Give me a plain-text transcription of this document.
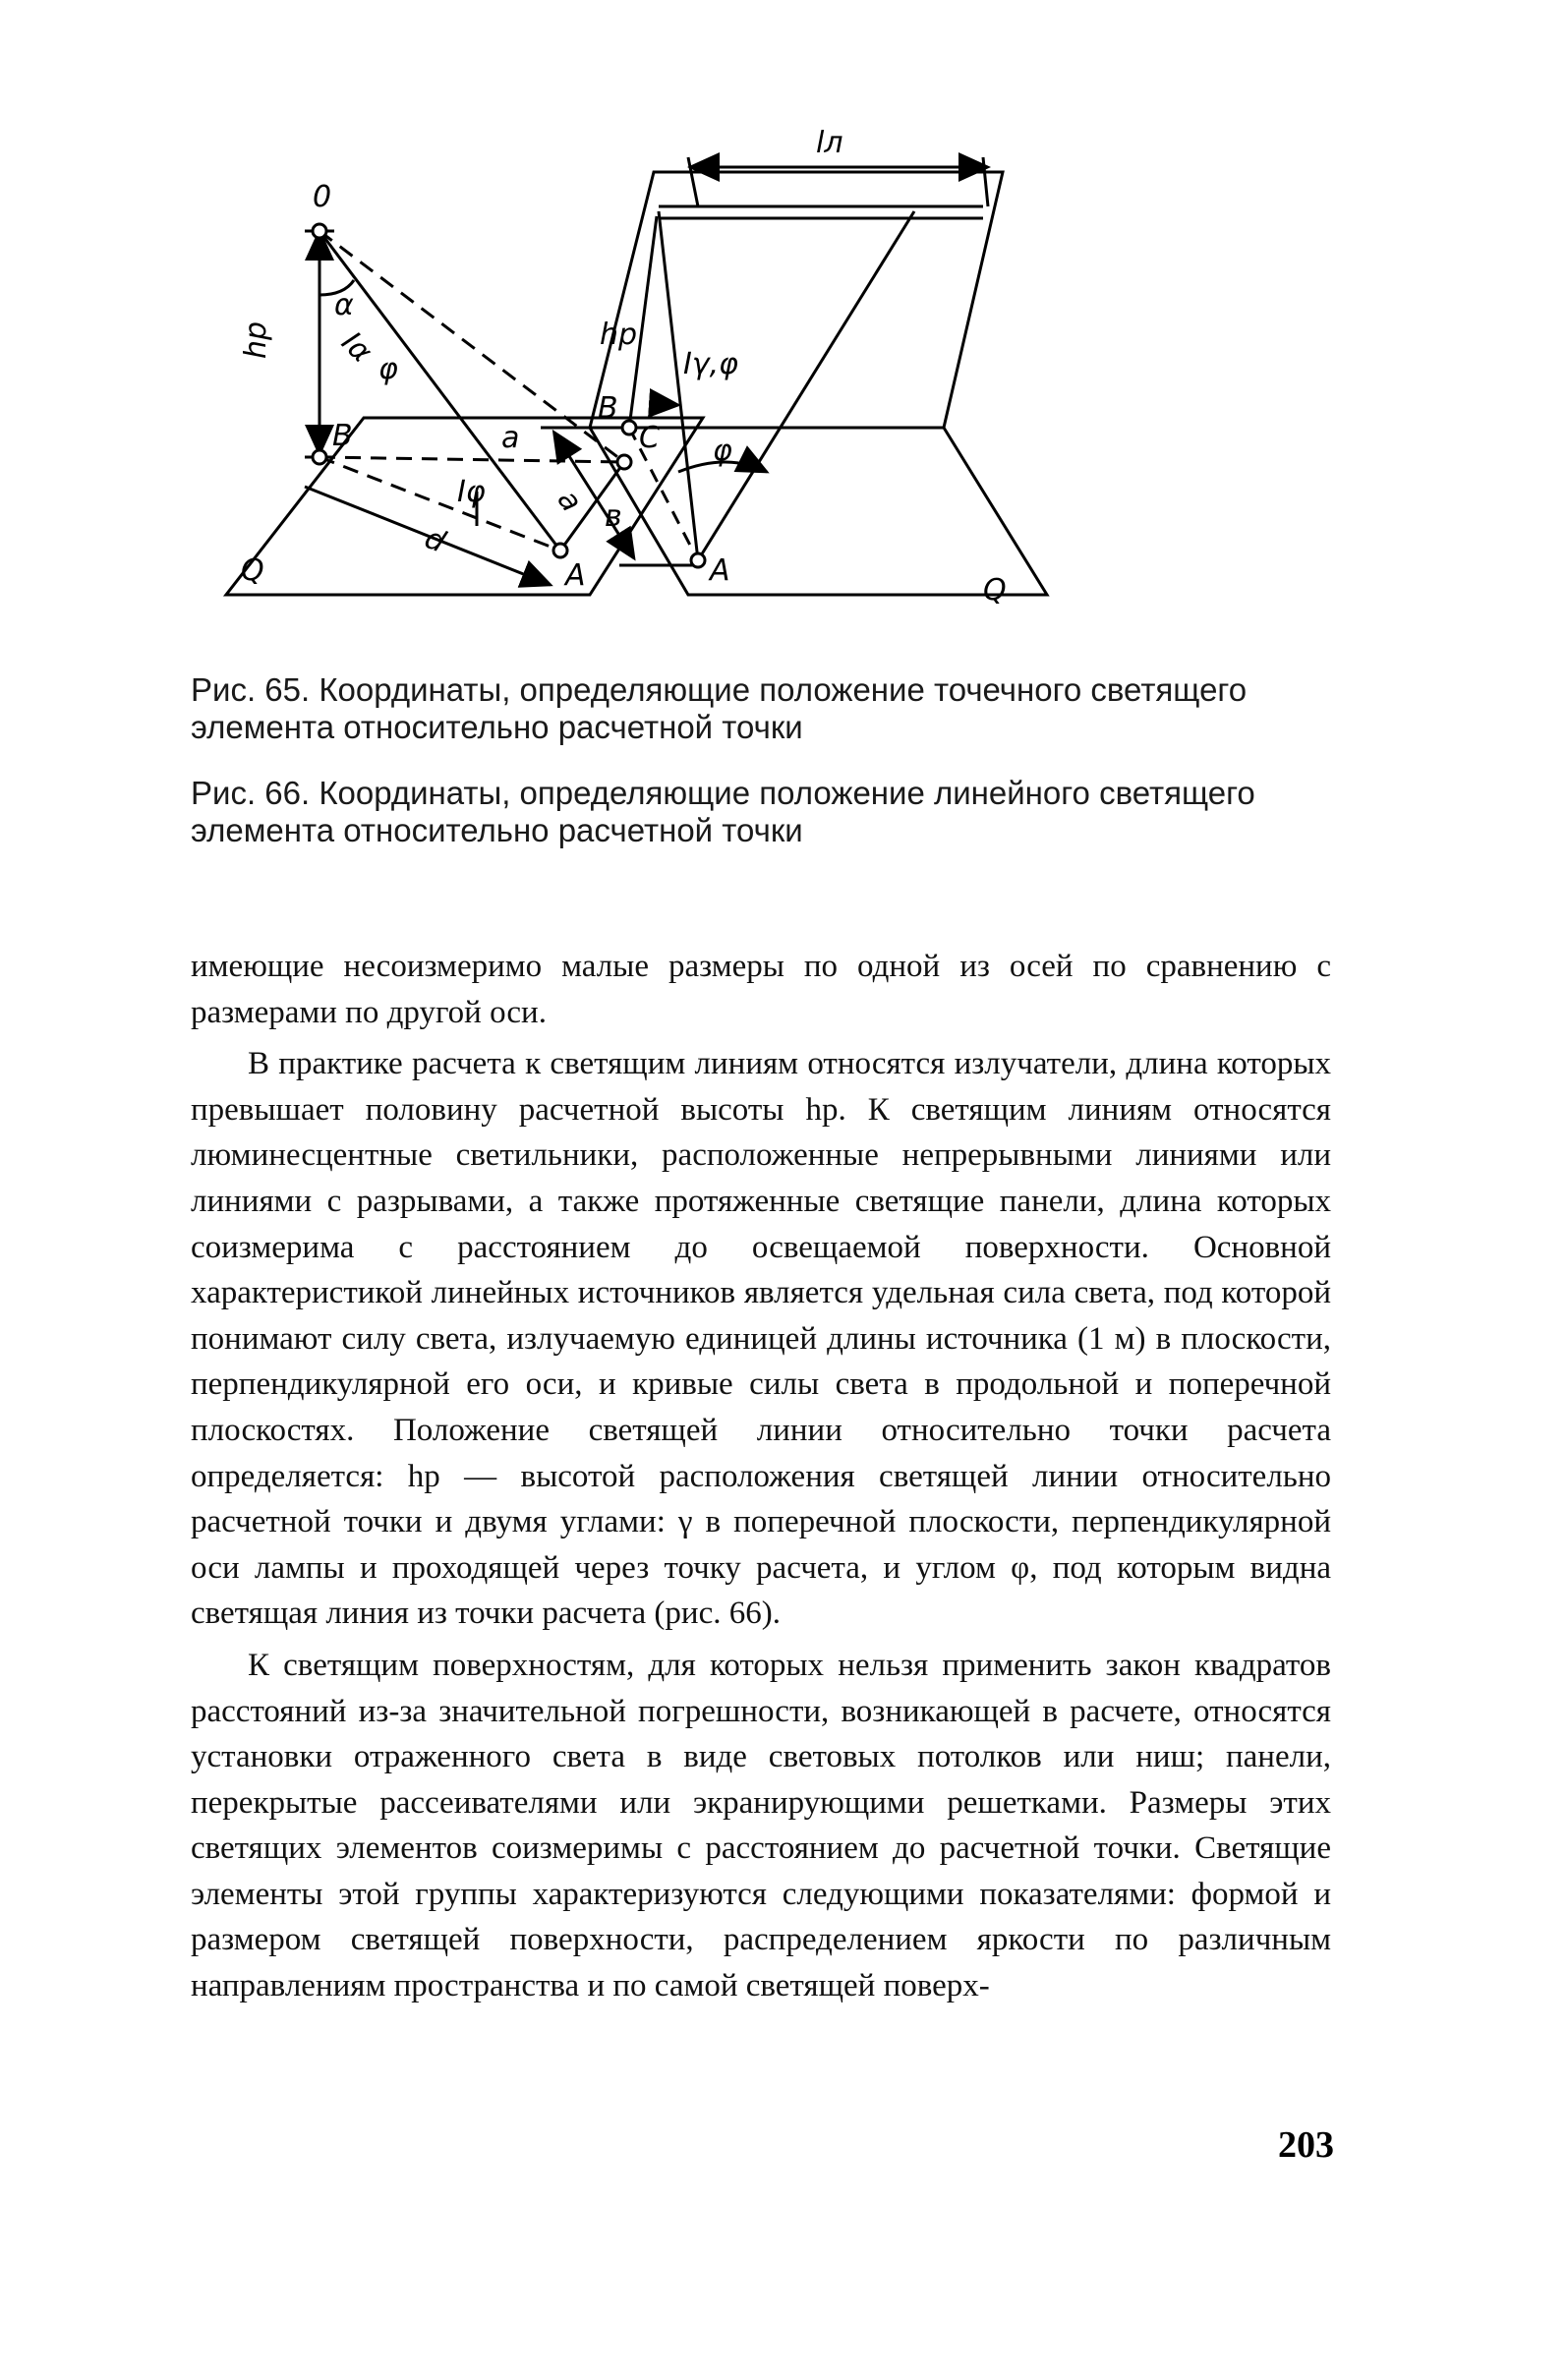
0
hр
α
Iα φ
B	a	C
Iφ
d
в
Q	A
lл
hр
Iγ,φ
B
φ
a
A
Q

Рис. 65. Координаты, определяющие положение точечного светящего элемента относительно расчетной точки

Рис. 66. Координаты, определяющие положение линейного светящего элемента относительно расчетной точки

имеющие несоизмеримо малые размеры по одной из осей по сравнению с размерами по другой оси.

В практике расчета к светящим линиям относятся излучатели, длина которых превышает половину расчетной высоты hр. К светящим линиям относятся люминесцентные светильники, расположенные непрерывными линиями или линиями с разрывами, а также протяженные светящие панели, длина которых соизмерима с расстоянием до освещаемой поверхности. Основной характеристикой линейных источников является удельная сила света, под которой понимают силу света, излучаемую единицей длины источника (1 м) в плоскости, перпендикулярной его оси, и кривые силы света в продольной и поперечной плоскостях. Положение светящей линии относительно точки расчета определяется: hр — высотой расположения светящей линии относительно расчетной точки и двумя углами: γ в поперечной плоскости, перпендикулярной оси лампы и проходящей через точку расчета, и углом φ, под которым видна светящая линия из точки расчета (рис. 66).

К светящим поверхностям, для которых нельзя применить закон квадратов расстояний из-за значительной погрешности, возникающей в расчете, относятся установки отраженного света в виде световых потолков или ниш; панели, перекрытые рассеивателями или экранирующими решетками. Размеры этих светящих элементов соизмеримы с расстоянием до расчетной точки. Светящие элементы этой группы характеризуются следующими показателями: формой и размером светящей поверхности, распределением яркости по различным направлениям пространства и по самой светящей поверх-

203
